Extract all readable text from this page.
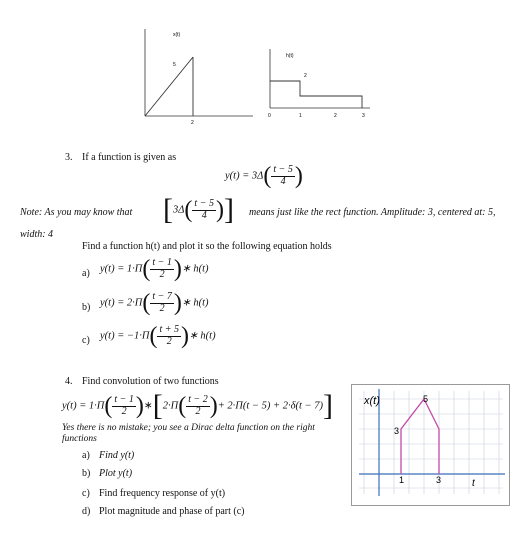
x(t)
5
2
h(t)
2
0	1	2	3
3. If a function is given as
$y(t) = 3\Delta( \frac{t - 5}{4}$ )
Note: As you may know that [$3\Delta( \frac{t - 5}{4}$ )] means just like the rect function. Amplitude: 3, centered at: 5,
width: 4
Find a function h(t) and plot it so the following equation holds
a) $y(t) = 1\cdot\Pi( \frac{t - 1}{2}$ )∗ h(t)
b) $y(t) = 2\cdot\Pi( \frac{t - 7}{2}$ )∗ h(t)
c) $y(t) = -1\cdot\Pi( \frac{t + 5}{2}$ )∗ h(t)
4. Find convolution of two functions
$y(t) = 1\cdot\Pi( \frac{t - 1}{2}$ )∗[2·Π( $\frac{t - 2}{2}$ )+ 2·Π(t − 5) + 2·δ(t − 7)]
Yes there is no mistake; you see a Dirac delta function on the right
functions
a) Find y(t)
b) Plot y(t)
c) Find frequency response of y(t)
d) Plot magnitude and phase of part (c)
x(t)
t
5
3
1	3
